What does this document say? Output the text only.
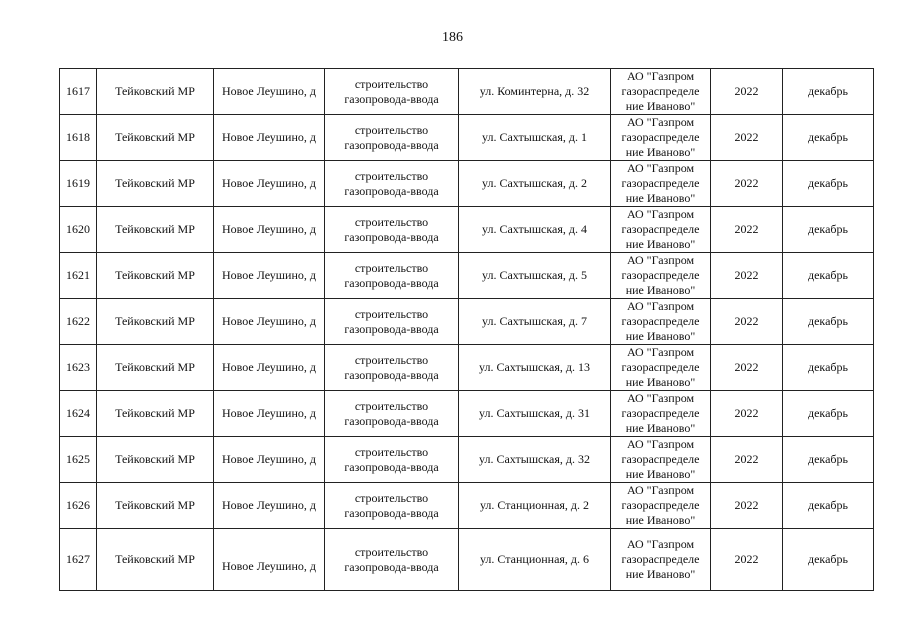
186
1617	Тейковский МР	Новое Леушино, д	строительство газопровода-ввода	ул. Коминтерна, д. 32	АО "Газпром газораспределе ние Иваново"	2022	декабрь
1618	Тейковский МР	Новое Леушино, д	строительство газопровода-ввода	ул. Сахтышская, д. 1	АО "Газпром газораспределе ние Иваново"	2022	декабрь
1619	Тейковский МР	Новое Леушино, д	строительство газопровода-ввода	ул. Сахтышская, д. 2	АО "Газпром газораспределе ние Иваново"	2022	декабрь
1620	Тейковский МР	Новое Леушино, д	строительство газопровода-ввода	ул. Сахтышская, д. 4	АО "Газпром газораспределе ние Иваново"	2022	декабрь
1621	Тейковский МР	Новое Леушино, д	строительство газопровода-ввода	ул. Сахтышская, д. 5	АО "Газпром газораспределе ние Иваново"	2022	декабрь
1622	Тейковский МР	Новое Леушино, д	строительство газопровода-ввода	ул. Сахтышская, д. 7	АО "Газпром газораспределе ние Иваново"	2022	декабрь
1623	Тейковский МР	Новое Леушино, д	строительство газопровода-ввода	ул. Сахтышская, д. 13	АО "Газпром газораспределе ние Иваново"	2022	декабрь
1624	Тейковский МР	Новое Леушино, д	строительство газопровода-ввода	ул. Сахтышская, д. 31	АО "Газпром газораспределе ние Иваново"	2022	декабрь
1625	Тейковский МР	Новое Леушино, д	строительство газопровода-ввода	ул. Сахтышская, д. 32	АО "Газпром газораспределе ние Иваново"	2022	декабрь
1626	Тейковский МР	Новое Леушино, д	строительство газопровода-ввода	ул. Станционная, д. 2	АО "Газпром газораспределе ние Иваново"	2022	декабрь
1627	Тейковский МР	Новое Леушино, д	строительство газопровода-ввода	ул. Станционная, д. 6	АО "Газпром газораспределе ние Иваново"	2022	декабрь
